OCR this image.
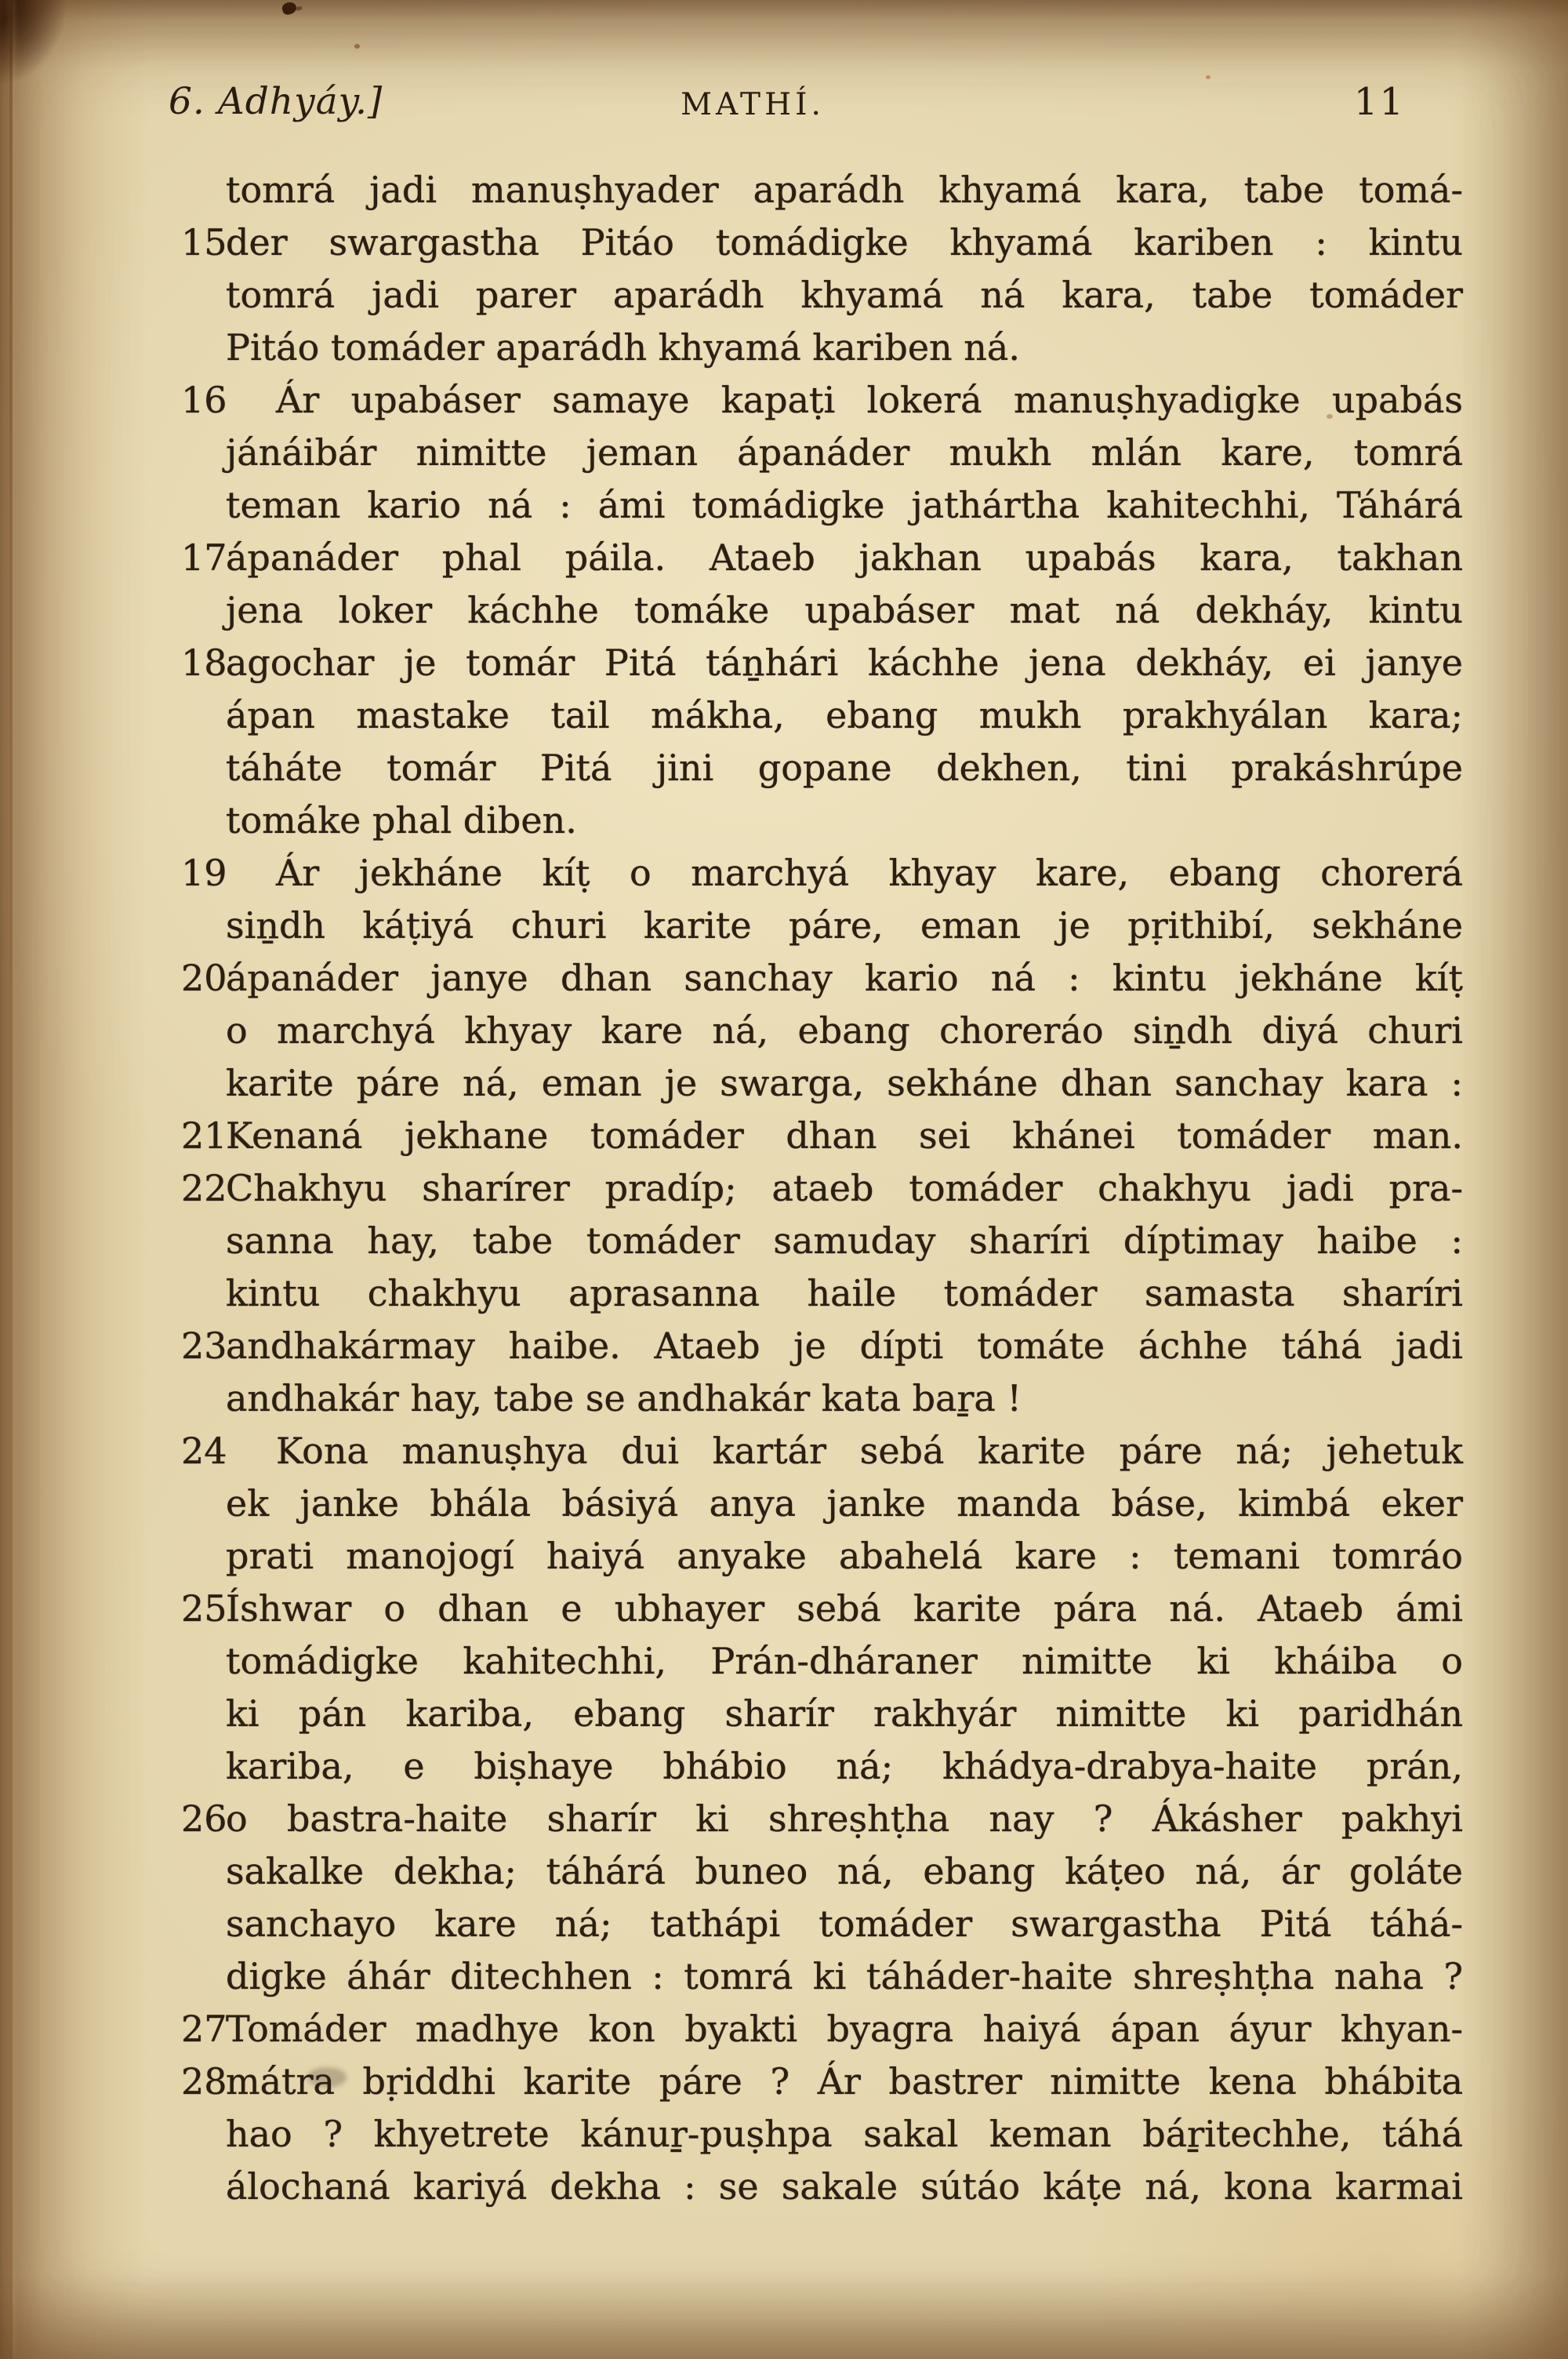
6. Adhyáy.]	MATHÍ.	11
tomrá jadi manuṣhyader aparádh khyamá kara, tabe tomá-
15
der swargastha Pitáo tomádigke khyamá kariben : kintu
tomrá jadi parer aparádh khyamá ná kara, tabe tomáder
Pitáo tomáder aparádh khyamá kariben ná.
16 Ár upabáser samaye kapaṭi lokerá manuṣhyadigke upabás
jánáibár nimitte jeman ápanáder mukh mlán kare, tomrá
teman kario ná : ámi tomádigke jathártha kahitechhi, Táhárá
17
ápanáder phal páila. Ataeb jakhan upabás kara, takhan
jena loker káchhe tomáke upabáser mat ná dekháy, kintu
18
agochar je tomár Pitá táṉhári káchhe jena dekháy, ei janye
ápan mastake tail mákha, ebang mukh prakhyálan kara;
táháte tomár Pitá jini gopane dekhen, tini prakáshrúpe
tomáke phal diben.
19 Ár jekháne kíṭ o marchyá khyay kare, ebang chorerá
siṉdh káṭiyá churi karite páre, eman je pṛithibí, sekháne
20
ápanáder janye dhan sanchay kario ná : kintu jekháne kíṭ
o marchyá khyay kare ná, ebang choreráo siṉdh diyá churi
karite páre ná, eman je swarga, sekháne dhan sanchay kara :
21
Kenaná jekhane tomáder dhan sei khánei tomáder man.
22
Chakhyu sharírer pradíp; ataeb tomáder chakhyu jadi pra-
sanna hay, tabe tomáder samuday sharíri díptimay haibe :
kintu chakhyu aprasanna haile tomáder samasta sharíri
23
andhakármay haibe. Ataeb je dípti tomáte áchhe táhá jadi
andhakár hay, tabe se andhakár kata baṟa !
24 Kona manuṣhya dui kartár sebá karite páre ná; jehetuk
ek janke bhála básiyá anya janke manda báse, kimbá eker
prati manojogí haiyá anyake abahelá kare : temani tomráo
25
Íshwar o dhan e ubhayer sebá karite pára ná. Ataeb ámi
tomádigke kahitechhi, Prán-dháraner nimitte ki kháiba o
ki pán kariba, ebang sharír rakhyár nimitte ki paridhán
kariba, e biṣhaye bhábio ná; khádya-drabya-haite prán,
26
o bastra-haite sharír ki shreṣhṭha nay ? Ákásher pakhyi
sakalke dekha; táhárá buneo ná, ebang káṭeo ná, ár goláte
sanchayo kare ná; tathápi tomáder swargastha Pitá táhá-
digke áhár ditechhen : tomrá ki táháder-haite shreṣhṭha naha ?
27
Tomáder madhye kon byakti byagra haiyá ápan áyur khyan-
28
mátra bṛiddhi karite páre ? Ár bastrer nimitte kena bhábita
hao ? khyetrete kánuṟ-puṣhpa sakal keman báṟitechhe, táhá
álochaná kariyá dekha : se sakale sútáo káṭe ná, kona karmai
